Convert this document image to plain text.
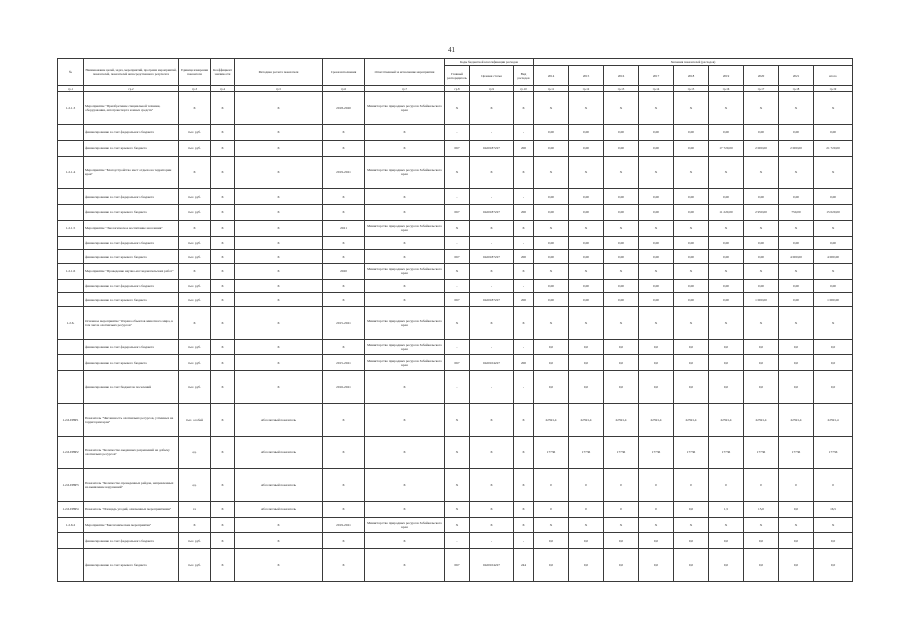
41
№	Наименование целей, задач, мероприятий, программ мероприятий, показателей, показателей непосредственного результата	Единица измерения показателя	Коэффициент значимости	Методика расчета показателя	Сроки исполнения	Ответственный за исполнение мероприятия	Коды бюджетной классификации расходов			Значения показателей (расходов)								
							Главный распорядитель	Целевая статья	Вид расходов	2014	2015	2016	2017	2018	2019	2020	2021	итого
гр.1	гр.2	гр.3	гр.4	гр.5	гр.6	гр.7	гр.8	гр.9	гр.10	гр.11	гр.12	гр.13	гр.14	гр.15	гр.16	гр.17	гр.18	гр.19
1.2.1.3	Мероприятие "Приобретение специальной техники, оборудования, автотранспорта и иных средств"	X	X	X	2018-2020	Министерство природных ресурсов Забайкальского края	X	X	X	X	X	X	X	X	X	X	X	X
	финансирование за счет федерального бюджета	тыс. руб.	X	X	X	X	-	-	-	0,00	0,00	0,00	0,00	0,00	0,00	0,00	0,00	0,00
	финансирование за счет краевого бюджета	тыс. руб.	X	X	X	X	067	0420187227	200	0,00	0,00	0,00	0,00	0,00	17 720,00	2 000,00	2 000,00	21 720,00
1.2.1.4	Мероприятие "Благоустройство мест отдыха на территории края"	X	X	X	2019-2021	Министерство природных ресурсов Забайкальского края	X	X	X	X	X	X	X	X	X	X	X	X
	финансирование за счет федерального бюджета	тыс. руб.	X	X	X	X	-	-	-	0,00	0,00	0,00	0,00	0,00	0,00	0,00	0,00	0,00
	финансирование за счет краевого бюджета	тыс. руб.	X	X	X	X	067	0420187227	200	0,00	0,00	0,00	0,00	0,00	11 220,00	2 950,00	750,00	15 020,00
1.2.1.5	Мероприятие "Экологическое воспитание населения"	X	X	X	2021	Министерство природных ресурсов Забайкальского края	X	X	X	X	X	X	X	X	X	X	X	X
	финансирование за счет федерального бюджета	тыс. руб.	X	X	X	X	-	-	-	0,00	0,00	0,00	0,00	0,00	0,00	0,00	0,00	0,00
	финансирование за счет краевого бюджета	тыс. руб.	X	X	X	X	067	0420187227	200	0,00	0,00	0,00	0,00	0,00	0,00	0,00	4 000,00	4 000,00
1.2.1.6	Мероприятие "Проведение научно-исследовательских работ"	X	X	X	2020	Министерство природных ресурсов Забайкальского края	X	X	X	X	X	X	X	X	X	X	X	X
	финансирование за счет федерального бюджета	тыс. руб.	X	X	X	X	-	-	-	0,00	0,00	0,00	0,00	0,00	0,00	0,00	0,00	0,00
	финансирование за счет краевого бюджета	тыс. руб.	X	X	X	X	067	0420187227	200	0,00	0,00	0,00	0,00	0,00	0,00	1 000,00	0,00	1 000,00
1.2.6.	Основное мероприятие "Охрана объектов животного мира, в том числе охотничьих ресурсов"	X	X	X	2015-2021	Министерство природных ресурсов Забайкальского края	X	X	X	X	X	X	X	X	X	X	X	X
	финансирование за счет федерального бюджета	тыс. руб.	X	X	X	Министерство природных ресурсов Забайкальского края	-	-	-	0,0	0,0	0,0	0,0	0,0	0,0	0,0	0,0	0,0
	финансирование за счет краевого бюджета	тыс. руб.	X	X	2015-2021	Министерство природных ресурсов Забайкальского края	067	0420104227	200	0,0	0,0	0,0	0,0	0,0	0,0	0,0	0,0	0,0
	финансирование за счет бюджетов поселений	тыс. руб.	X	X	2016-2021	X	-	-	-	0,0	0,0	0,0	0,0	0,0	0,0	0,0	0,0	0,0
1.2.6.ПНР1	Показатель "Численность охотничьих ресурсов, учтенных на территории края"	тыс. особей	X	Абсолютный показатель	X	X	X	X	X	22591,4	22591,4	22591,4	22591,4	22591,4	22591,4	22591,4	22591,4	22591,4
1.2.6.ПНР2	Показатель "Количество выданных разрешений на добычу охотничьих ресурсов"	ед.	X	Абсолютный показатель	X	X	X	X	X	17736	17736	17736	17736	17736	17736	17736	17736	17736
1.2.6.ПНР3	Показатель "Количество проведенных рейдов, направленных на выявление нарушений"	ед.	X	Абсолютный показатель	X	X	X	X	X	0	0	0	0	0	0	0	0	0
1.2.6.ПНР4	Показатель "Площадь угодий, охваченных мероприятиями"	га	X	Абсолютный показатель	X	X	X	X	X	0	0	0	0	0,0	1,5	15,0	0,0	16,5
1.2.6.2	Мероприятие "Биотехнические мероприятия"	X	X	X	2019-2021	Министерство природных ресурсов Забайкальского края	X	X	X	X	X	X	X	X	X	X	X	X
	финансирование за счет федерального бюджета	тыс. руб.	X	X	X	X	-	-	-	0,0	0,0	0,0	0,0	0,0	0,0	0,0	0,0	0,0
	финансирование за счет краевого бюджета	тыс. руб.	X	X	X	X	067	0420104227	244	0,0	0,0	0,0	0,0	0,0	0,0	0,0	0,0	0,0
